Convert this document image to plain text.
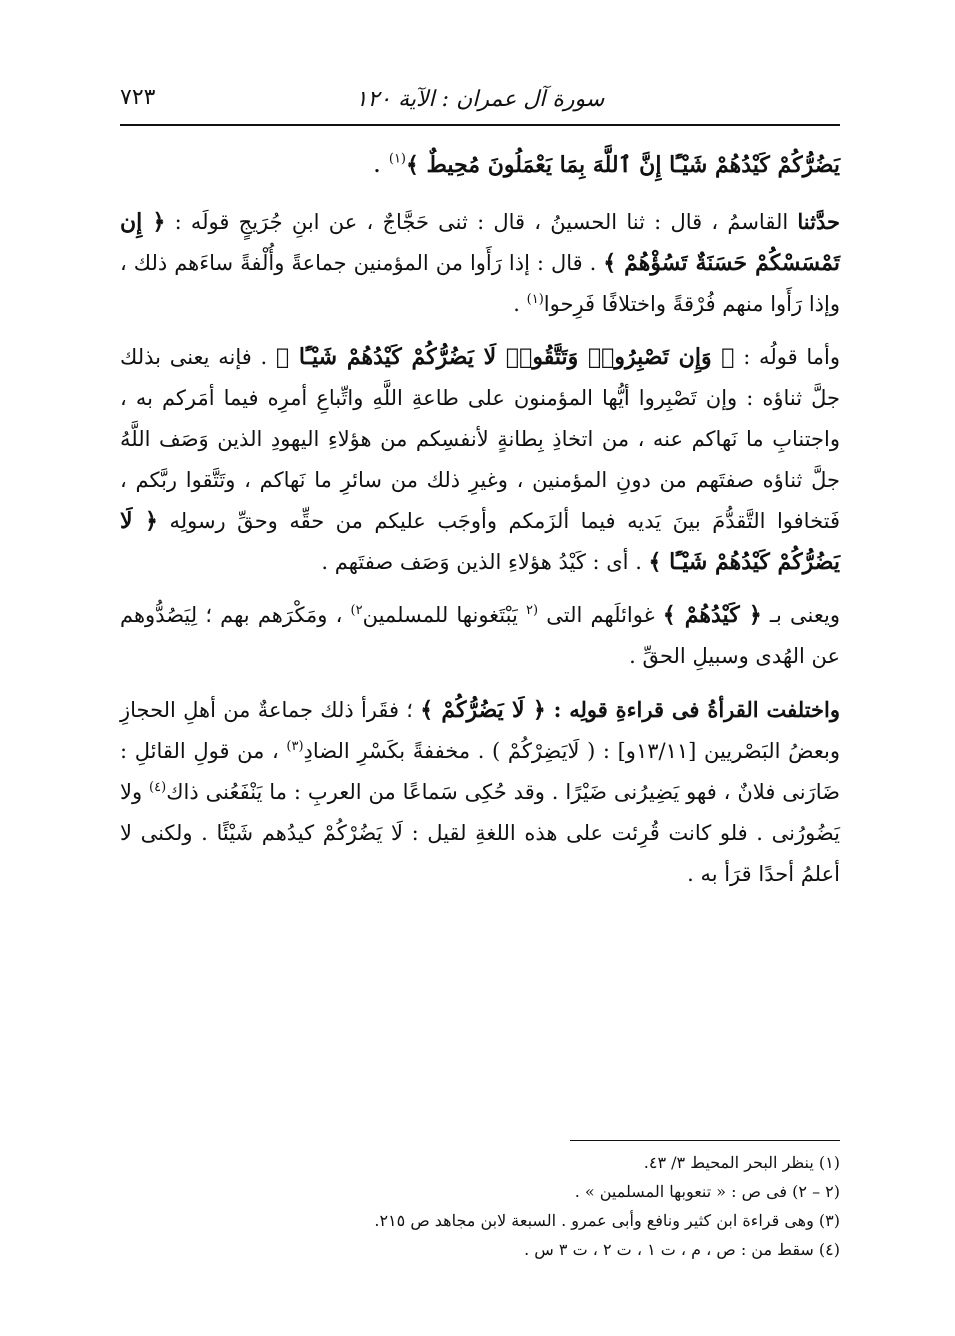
سورة آل عمران : الآية ١٢٠
٧٢٣

يَضُرُّكُمْ كَيْدُهُمْ شَيْـًٔا إِنَّ ٱللَّهَ بِمَا يَعْمَلُونَ مُحِيطٌ ﴾$^{(١)}$ .

حدَّثنا القاسمُ ، قال : ثنا الحسينُ ، قال : ثنى حَجَّاجٌ ، عن ابنِ جُرَيجٍ قولَه : ﴿ إِن تَمْسَسْكُمْ حَسَنَةٌ تَسُؤْهُمْ ﴾ . قال : إذا رَأَوا من المؤمنين جماعةً وأُلْفةً ساءَهم ذلك ، وإذا رَأَوا منهم فُرْقةً واختلافًا فَرِحوا$^{(١)}$ .

وأما قولُه : ﴿ وَإِن تَصْبِرُوا۟ وَتَتَّقُوا۟ لَا يَضُرُّكُمْ كَيْدُهُمْ شَيْـًٔا ﴾ . فإنه يعنى بذلك جلَّ ثناؤه : وإن تَصْبِروا أيُّها المؤمنون على طاعةِ اللَّهِ واتِّباعِ أمرِه فيما أمَركم به ، واجتنابِ ما نَهاكم عنه ، من اتخاذِ بِطانةٍ لأنفسِكم من هؤلاءِ اليهودِ الذين وَصَف اللَّهُ جلَّ ثناؤه صفتَهم من دونِ المؤمنين ، وغيرِ ذلك من سائرِ ما نَهاكم ، وتَتَّقوا ربَّكم ، فَتخافوا التَّقدُّمَ بينَ يَديه فيما ألزَمكم وأوجَب عليكم من حقِّه وحقِّ رسولِه ﴿ لَا يَضُرُّكُمْ كَيْدُهُمْ شَيْـًٔا ﴾ . أى : كَيْدُ هؤلاءِ الذين وَصَف صفتَهم .

ويعنى بـ ﴿ كَيْدُهُمْ ﴾ غوائلَهم التى $^{(٢}$ يَبْتَغونها للمسلمين$^{٢)}$ ، ومَكْرَهم بهم ؛ لِيَصُدُّوهم عن الهُدى وسبيلِ الحقِّ .

واختلفت القرأةُ فى قراءةِ قولِه : ﴿ لَا يَضُرُّكُمْ ﴾ ؛ فقَرأ ذلك جماعةٌ من أهلِ الحجازِ وبعضُ البَصْريين [١٣/١١و] : ( لَايَضِرْكُمْ ) . مخففةً بكَسْرِ الضادِ$^{(٣)}$ ، من قولِ القائلِ : ضَارَنى فلانٌ ، فهو يَضِيرُنى ضَيْرًا . وقد حُكِى سَماعًا من العربِ : ما يَنْفَعُنى ذاك$^{(٤)}$ ولا يَضُورُنى . فلو كانت قُرِئت على هذه اللغةِ لقيل : لَا يَضُرْكُمْ كيدُهم شَيْئًا . ولكنى لا أعلمُ أحدًا قرَأ به .

(١) ينظر البحر المحيط ٣/ ٤٣.
(٢ – ٢) فى ص : « تنعوبها المسلمين » .
(٣) وهى قراءة ابن كثير ونافع وأبى عمرو . السبعة لابن مجاهد ص ٢١٥.
(٤) سقط من : ص ، م ، ت ١ ، ت ٢ ، ت ٣ س .
